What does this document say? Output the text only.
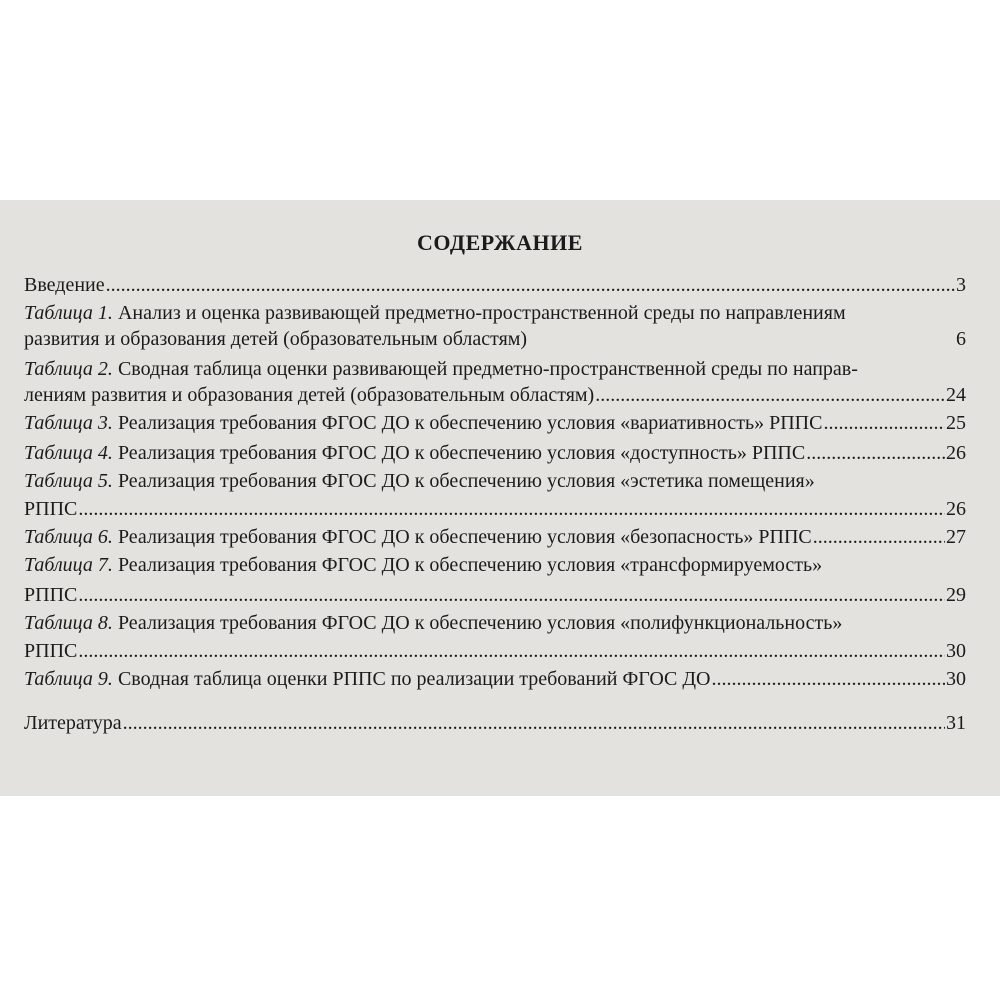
СОДЕРЖАНИЕ
Введение .....	3
Таблица 1. Анализ и оценка развивающей предметно-пространственной среды по направлениям
развития и образования детей (образовательным областям)	6
Таблица 2. Сводная таблица оценки развивающей предметно-пространственной среды по направ-
лениям развития и образования детей (образовательным областям) .....	24
Таблица 3. Реализация требования ФГОС ДО к обеспечению условия «вариативность» РППС .....	25
Таблица 4. Реализация требования ФГОС ДО к обеспечению условия «доступность» РППС .....	26
Таблица 5. Реализация требования ФГОС ДО к обеспечению условия «эстетика помещения»
РППС .....	26
Таблица 6. Реализация требования ФГОС ДО к обеспечению условия «безопасность» РППС .....	27
Таблица 7. Реализация требования ФГОС ДО к обеспечению условия «трансформируемость»
РППС .....	29
Таблица 8. Реализация требования ФГОС ДО к обеспечению условия «полифункциональность»
РППС .....	30
Таблица 9. Сводная таблица оценки РППС по реализации требований ФГОС ДО .....	30
Литература .....	31
